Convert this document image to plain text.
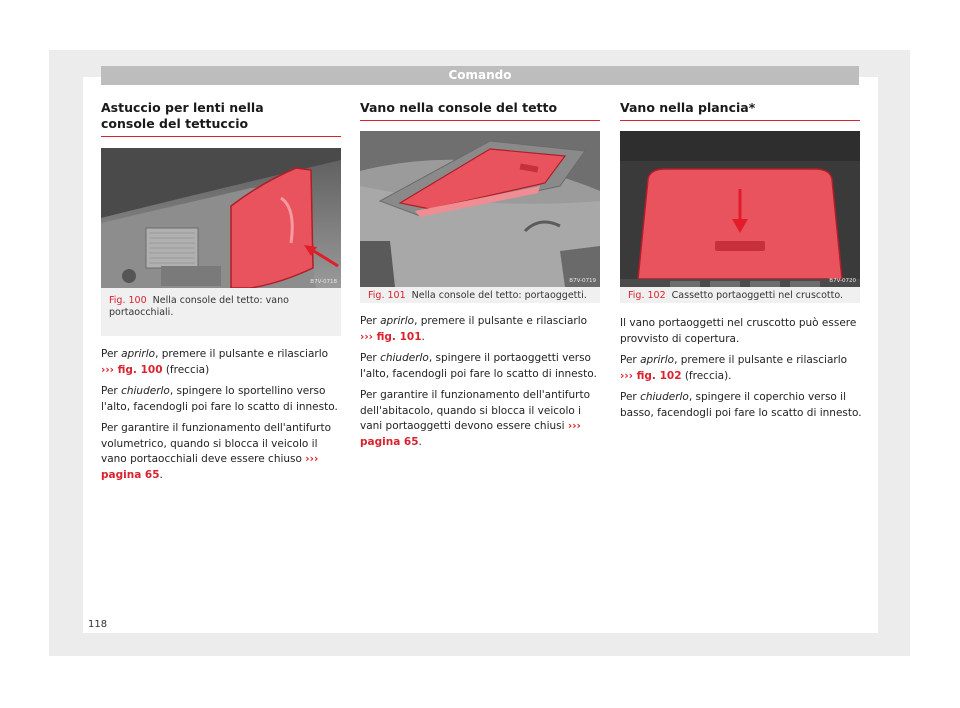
Comando
Astuccio per lenti nella console del tettuccio
B7V-0718
Fig. 100 Nella console del tetto: vano portaocchiali.

Per aprirlo, premere il pulsante e rilasciarlo ››› fig. 100 (freccia)

Per chiuderlo, spingere lo sportellino verso l'alto, facendogli poi fare lo scatto di innesto.

Per garantire il funzionamento dell'antifurto volumetrico, quando si blocca il veicolo il vano portaocchiali deve essere chiuso ››› pagina 65.

Vano nella console del tetto
B7V-0719
Fig. 101 Nella console del tetto: portaoggetti.

Per aprirlo, premere il pulsante e rilasciarlo ››› fig. 101.

Per chiuderlo, spingere il portaoggetti verso l'alto, facendogli poi fare lo scatto di innesto.

Per garantire il funzionamento dell'antifurto dell'abitacolo, quando si blocca il veicolo i vani portaoggetti devono essere chiusi ››› pagina 65.

Vano nella plancia*
B7V-0720
Fig. 102 Cassetto portaoggetti nel cruscotto.

Il vano portaoggetti nel cruscotto può essere provvisto di copertura.

Per aprirlo, premere il pulsante e rilasciarlo ››› fig. 102 (freccia).

Per chiuderlo, spingere il coperchio verso il basso, facendogli poi fare lo scatto di innesto.

118
